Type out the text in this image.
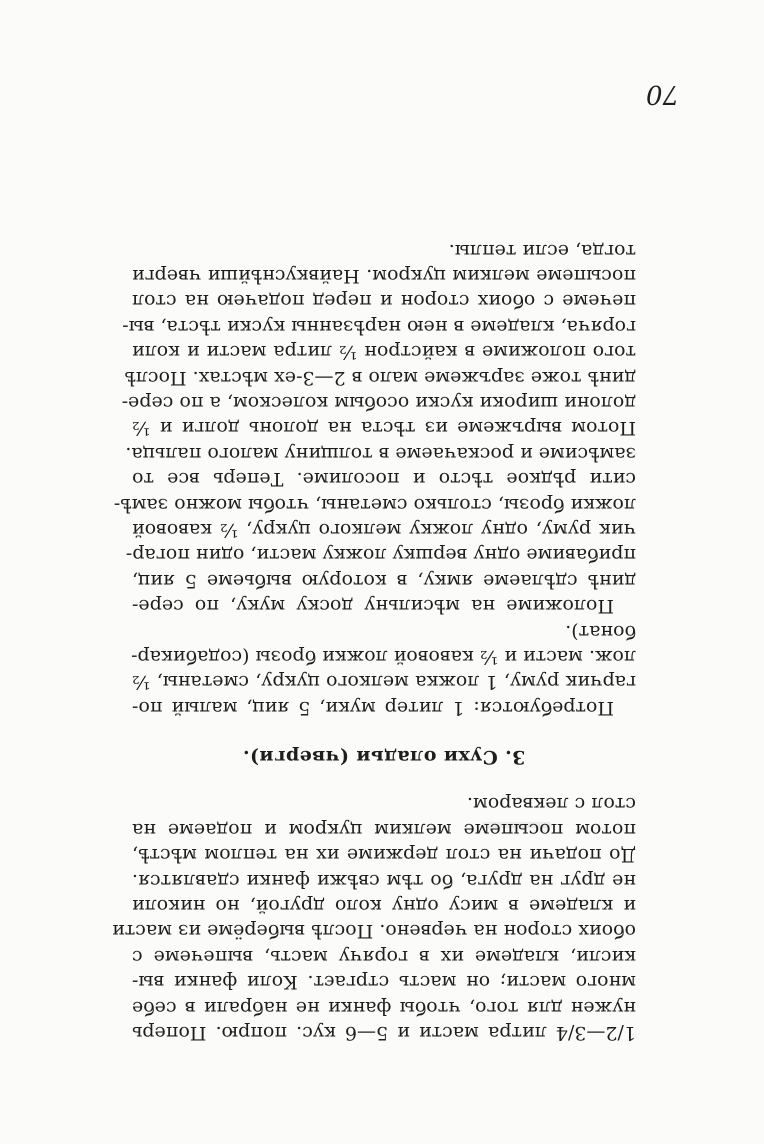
1/2—3/4 литра масти и 5—6 кус. попрю. Поперь
нужен для того, чтобы фанки не набрали в себе
много масти; он масть стргаєт. Коли фанки вы-
кисли, кладеме их в горячу масть, выпечеме с
обоих сторон на червено. Послѣ выберёме из масти
и кладеме в мису одну коло другой, но николи
не друг на друга, бо тѣм свѣжи фанки сдавлятся.
До подачи на стол держиме их на теплом мѣстѣ,
потом посыпеме мелким цукром и подаеме на
стол с лекваром.
3. Сухи оладьи (чверги).
Потребуются: 1 литер муки, 5 яиц, малый по-
гарчик руму, 1 ложка мелкого цукру, сметаны, ½
лож. масти и ½ кавовой ложки брозы (содабикар-
бонат).
Положиме на мѣсильну доску муку, по сере-
динѣ сдѣлаеме ямку, в которую выбьеме 5 яиц,
прибавиме одну вершку ложку масти, один погар-
чик руму, одну ложку мелкого цукру, ½ кавовой
ложки брозы, столько сметаны, чтобы можно замѣ-
сити рѣдкое тѣсто и посолиме. Теперь все то
замѣсиме и роскачаеме в толщину малого пальца.
Потом выръжеме из тѣста на долонь долги и ½
долони широки куски особым колеском, а по сере-
динѣ тоже заръжеме мало в 2—3-ех мѣстах. Послѣ
того положиме в кайстрон ½ литра масти и коли
горяча, кладеме в нею нарѣзанны куски тѣста, вы-
печеме с обоих сторон и перед подачею на стол
посыпеме мелким цукром. Найвкуснѣйши чверги
тогда, если теплы.
70
